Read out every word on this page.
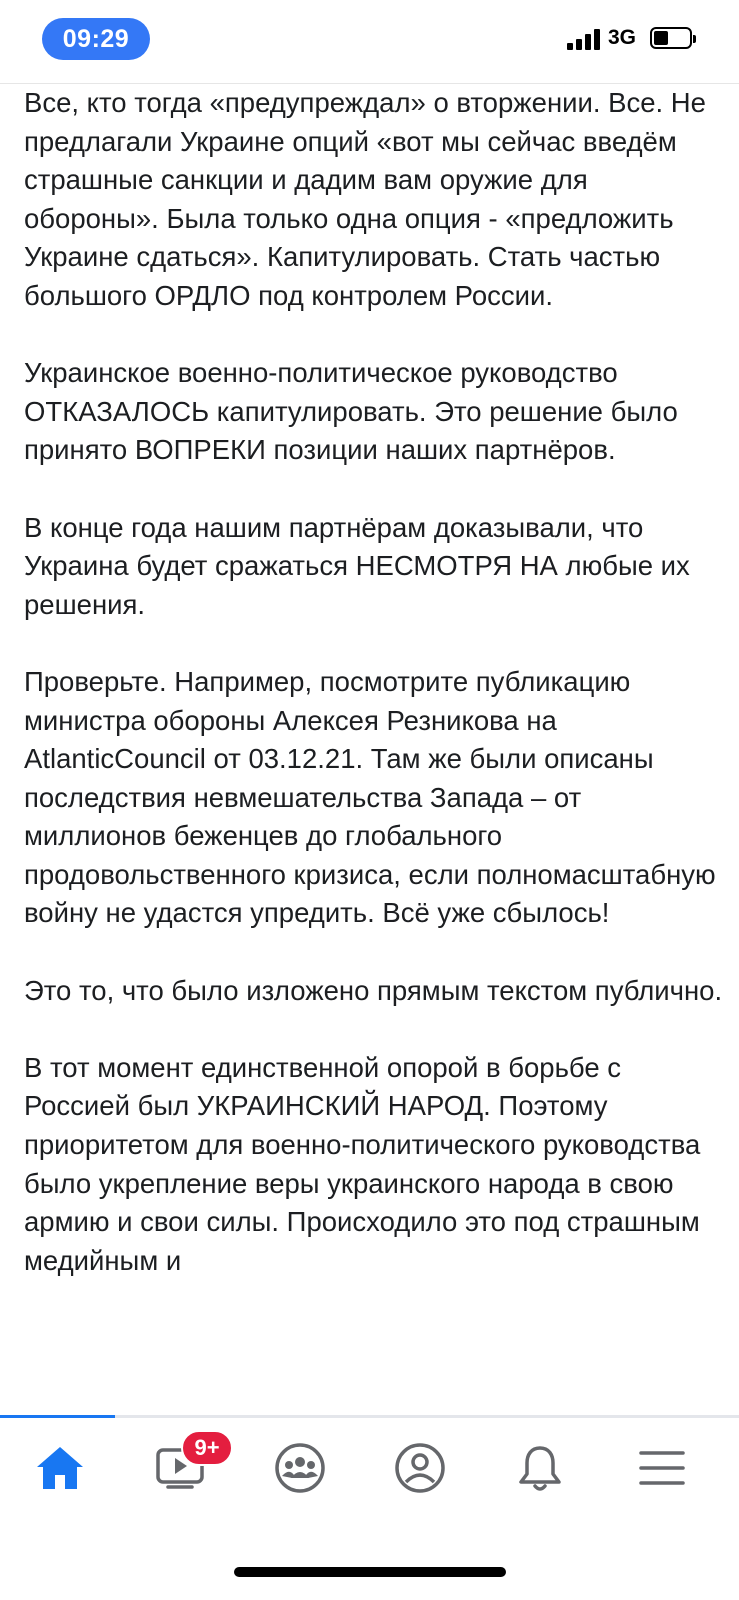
09:29	3G

Все, кто тогда «предупреждал» о вторжении. Все. Не предлагали Украине опций «вот мы сейчас введём страшные санкции и дадим вам оружие для обороны». Была только одна опция - «предложить Украине сдаться». Капитулировать. Стать частью большого ОРДЛО под контролем России.

Украинское военно-политическое руководство ОТКАЗАЛОСЬ капитулировать. Это решение было принято ВОПРЕКИ позиции наших партнёров.

В конце года нашим партнёрам доказывали, что Украина будет сражаться НЕСМОТРЯ НА любые их решения.

Проверьте. Например, посмотрите публикацию министра обороны Алексея Резникова на AtlanticCouncil от 03.12.21. Там же были описаны последствия невмешательства Запада – от миллионов беженцев до глобального продовольственного кризиса, если полномасштабную войну не удастся упредить. Всё уже сбылось!

Это то, что было изложено прямым текстом публично.

В тот момент единственной опорой в борьбе с Россией был УКРАИНСКИЙ НАРОД. Поэтому приоритетом для военно-политического руководства было укрепление веры украинского народа в свою армию и свои силы. Происходило это под страшным медийным и

9+
